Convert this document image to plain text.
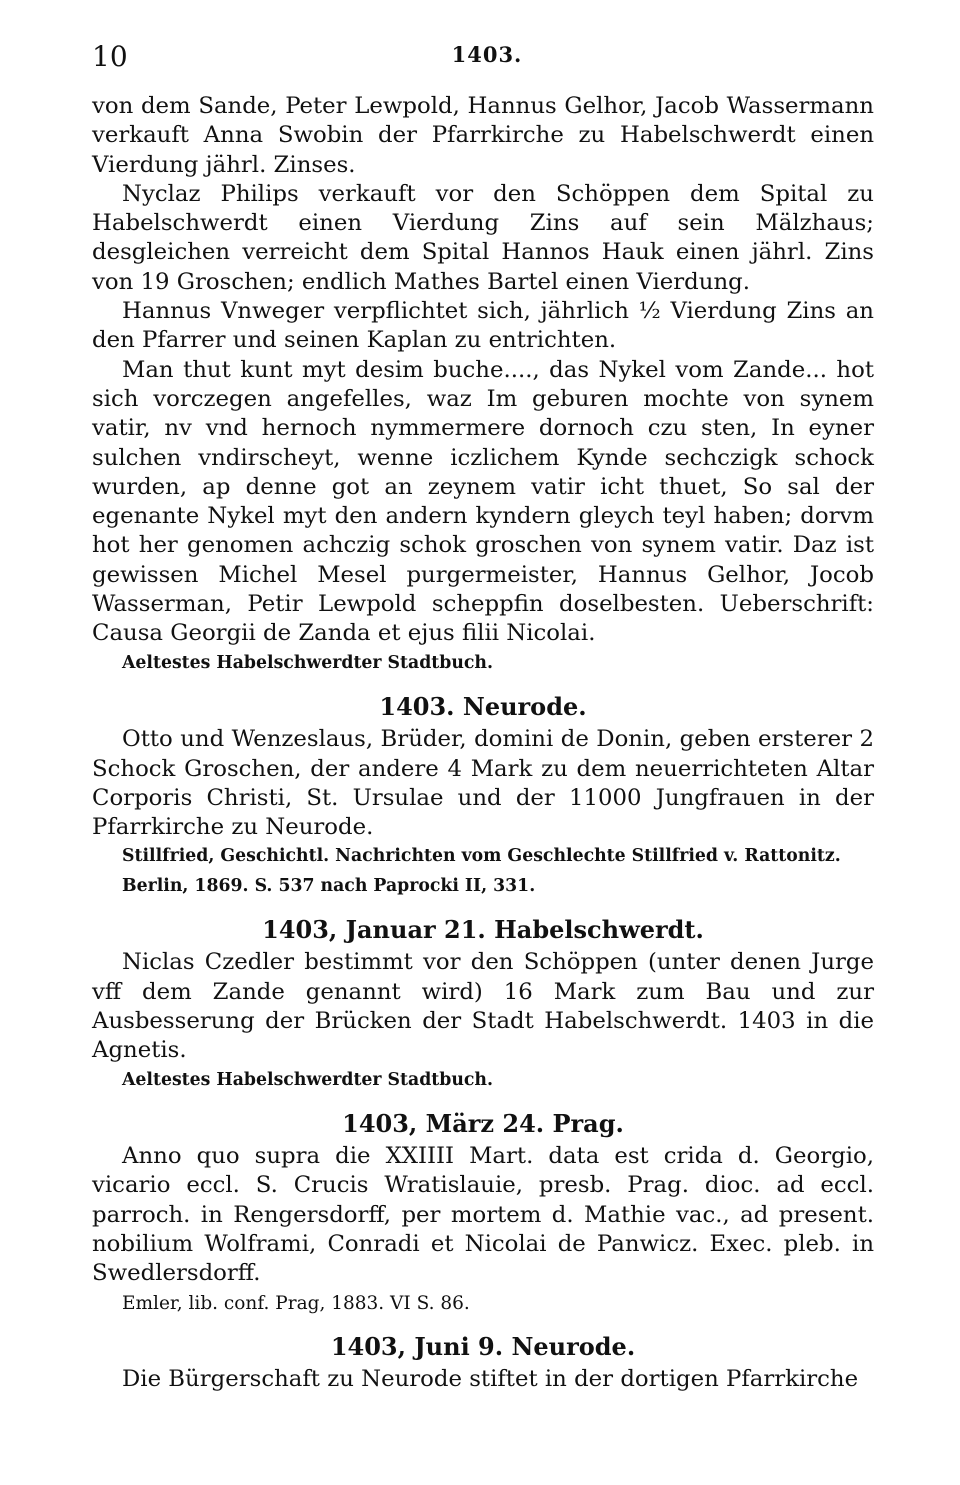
10	1403.

von dem Sande, Peter Lewpold, Hannus Gelhor, Jacob Wassermann verkauft Anna Swobin der Pfarrkirche zu Habelschwerdt einen Vierdung jährl. Zinses.

Nyclaz Philips verkauft vor den Schöppen dem Spital zu Habelschwerdt einen Vierdung Zins auf sein Mälzhaus; desgleichen verreicht dem Spital Hannos Hauk einen jährl. Zins von 19 Groschen; endlich Mathes Bartel einen Vierdung.

Hannus Vnweger verpflichtet sich, jährlich ½ Vierdung Zins an den Pfarrer und seinen Kaplan zu entrichten.

Man thut kunt myt desim buche...., das Nykel vom Zande... hot sich vorczegen angefelles, waz Im geburen mochte von synem vatir, nv vnd hernoch nymmermere dornoch czu sten, In eyner sulchen vndirscheyt, wenne iczlichem Kynde sechczigk schock wurden, ap denne got an zeynem vatir icht thuet, So sal der egenante Nykel myt den andern kyndern gleych teyl haben; dorvm hot her genomen achczig schok groschen von synem vatir. Daz ist gewissen Michel Mesel purgermeister, Hannus Gelhor, Jocob Wasserman, Petir Lewpold scheppfin doselbesten. Ueberschrift: Causa Georgii de Zanda et ejus filii Nicolai.

Aeltestes Habelschwerdter Stadtbuch.

1403. Neurode.

Otto und Wenzeslaus, Brüder, domini de Donin, geben ersterer 2 Schock Groschen, der andere 4 Mark zu dem neuerrichteten Altar Corporis Christi, St. Ursulae und der 11000 Jungfrauen in der Pfarrkirche zu Neurode.

Stillfried, Geschichtl. Nachrichten vom Geschlechte Stillfried v. Rattonitz. Berlin, 1869. S. 537 nach Paprocki II, 331.

1403, Januar 21. Habelschwerdt.

Niclas Czedler bestimmt vor den Schöppen (unter denen Jurge vff dem Zande genannt wird) 16 Mark zum Bau und zur Ausbesserung der Brücken der Stadt Habelschwerdt. 1403 in die Agnetis.

Aeltestes Habelschwerdter Stadtbuch.

1403, März 24. Prag.

Anno quo supra die XXIIII Mart. data est crida d. Georgio, vicario eccl. S. Crucis Wratislauie, presb. Prag. dioc. ad eccl. parroch. in Rengersdorff, per mortem d. Mathie vac., ad present. nobilium Wolframi, Conradi et Nicolai de Panwicz. Exec. pleb. in Swedlersdorff.

Emler, lib. conf. Prag, 1883. VI S. 86.

1403, Juni 9. Neurode.

Die Bürgerschaft zu Neurode stiftet in der dortigen Pfarrkirche
